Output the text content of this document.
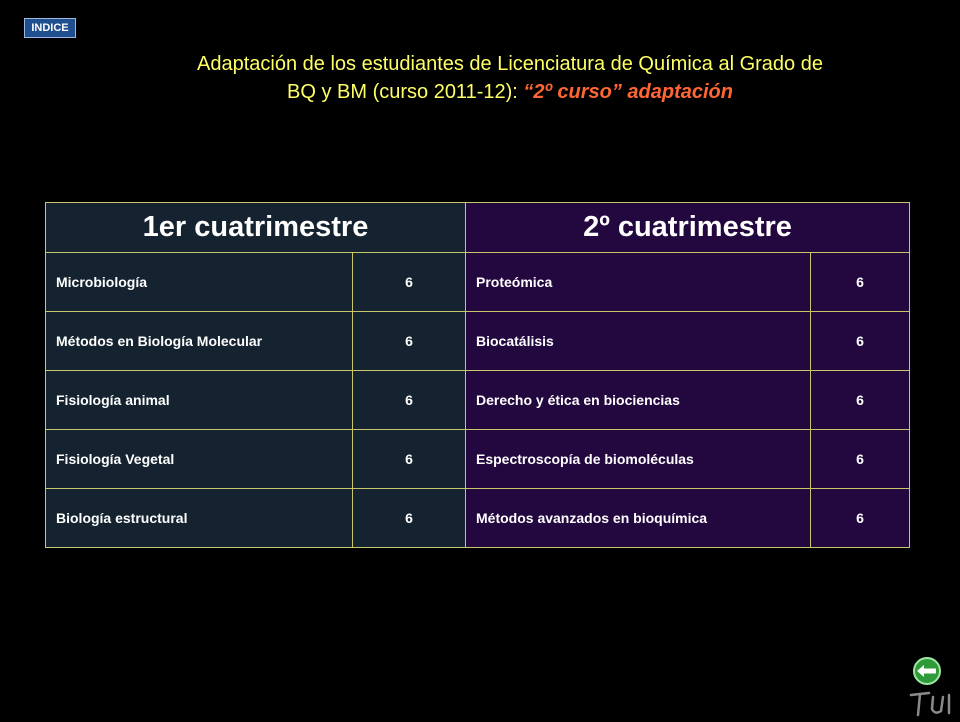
INDICE
Adaptación de los estudiantes de Licenciatura de Química al Grado de
BQ y BM (curso 2011-12): “2º curso” adaptación
1er cuatrimestre		2º cuatrimestre	
Microbiología	6	Proteómica	6
Métodos en Biología Molecular	6	Biocatálisis	6
Fisiología animal	6	Derecho y ética en biociencias	6
Fisiología Vegetal	6	Espectroscopía de biomoléculas	6
Biología estructural	6	Métodos avanzados en bioquímica	6
